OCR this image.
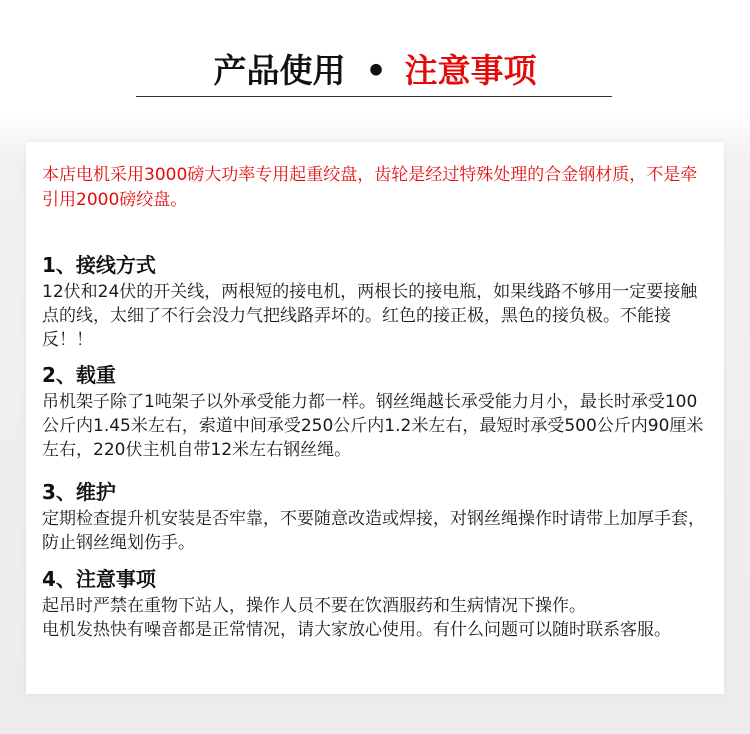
产品使用 • 注意事项
本店电机采用3000磅大功率专用起重绞盘，齿轮是经过特殊处理的合金钢材质，不是牵引用2000磅绞盘。
1、接线方式

12伏和24伏的开关线，两根短的接电机，两根长的接电瓶，如果线路不够用一定要接触点的线，太细了不行会没力气把线路弄坏的。红色的接正极，黑色的接负极。不能接反！！

2、载重

吊机架子除了1吨架子以外承受能力都一样。钢丝绳越长承受能力月小，最长时承受100公斤内1.45米左右，索道中间承受250公斤内1.2米左右，最短时承受500公斤内90厘米左右，220伏主机自带12米左右钢丝绳。

3、维护

定期检查提升机安装是否牢靠，不要随意改造或焊接，对钢丝绳操作时请带上加厚手套，防止钢丝绳划伤手。

4、注意事项

起吊时严禁在重物下站人，操作人员不要在饮酒服药和生病情况下操作。

电机发热快有噪音都是正常情况，请大家放心使用。有什么问题可以随时联系客服。
